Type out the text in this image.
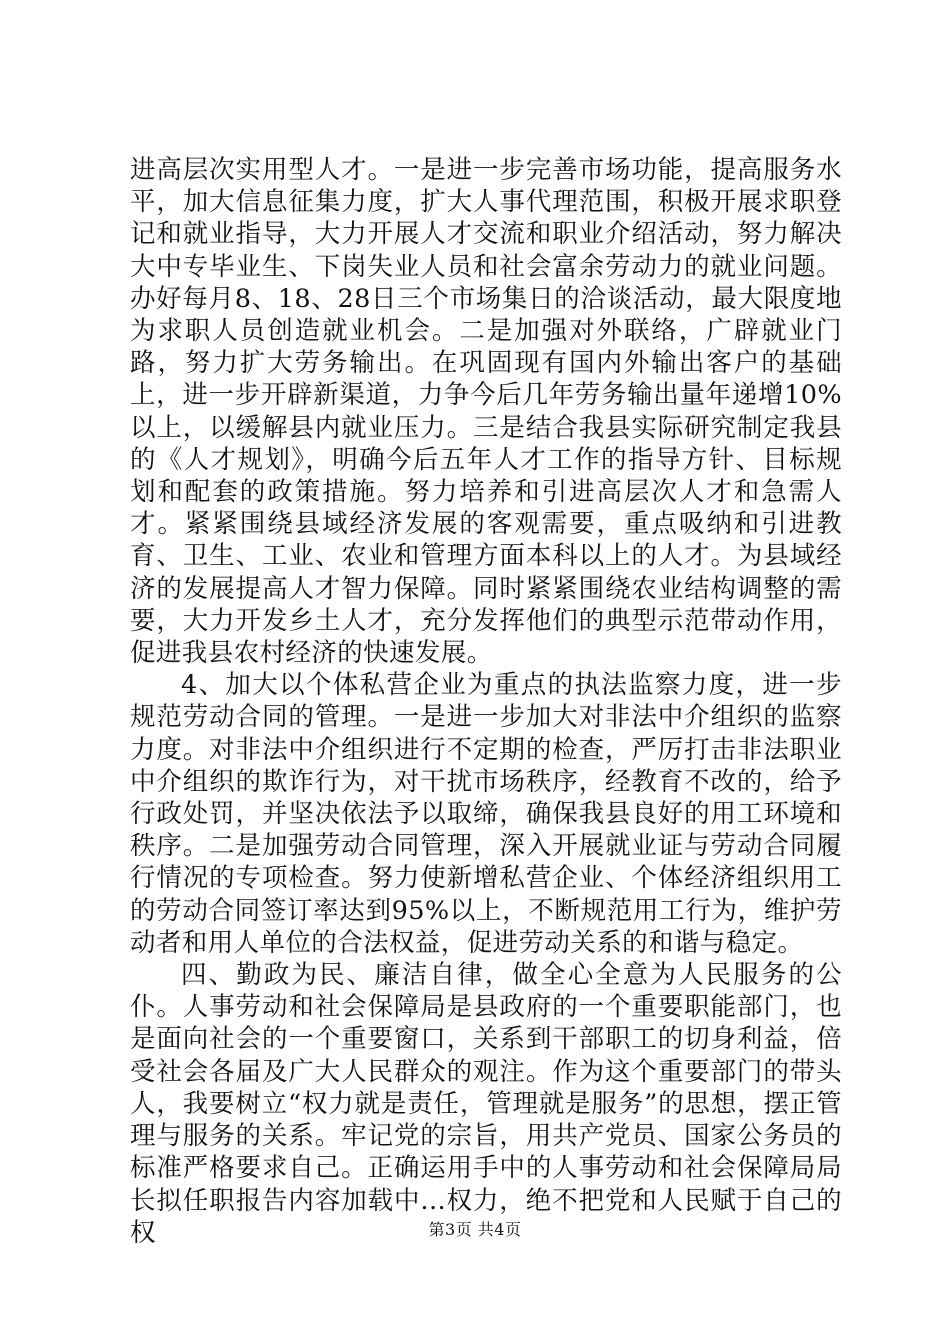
进高层次实用型人才。一是进一步完善市场功能，提高服务水平，加大信息征集力度，扩大人事代理范围，积极开展求职登记和就业指导，大力开展人才交流和职业介绍活动，努力解决大中专毕业生、下岗失业人员和社会富余劳动力的就业问题。办好每月8、18、28日三个市场集日的洽谈活动，最大限度地为求职人员创造就业机会。二是加强对外联络，广辟就业门路，努力扩大劳务输出。在巩固现有国内外输出客户的基础上，进一步开辟新渠道，力争今后几年劳务输出量年递增10%以上，以缓解县内就业压力。三是结合我县实际研究制定我县的《人才规划》，明确今后五年人才工作的指导方针、目标规划和配套的政策措施。努力培养和引进高层次人才和急需人才。紧紧围绕县域经济发展的客观需要，重点吸纳和引进教育、卫生、工业、农业和管理方面本科以上的人才。为县域经济的发展提高人才智力保障。同时紧紧围绕农业结构调整的需要，大力开发乡土人才，充分发挥他们的典型示范带动作用，促进我县农村经济的快速发展。

4、加大以个体私营企业为重点的执法监察力度，进一步规范劳动合同的管理。一是进一步加大对非法中介组织的监察力度。对非法中介组织进行不定期的检查，严厉打击非法职业中介组织的欺诈行为，对干扰市场秩序，经教育不改的，给予行政处罚，并坚决依法予以取缔，确保我县良好的用工环境和秩序。二是加强劳动合同管理，深入开展就业证与劳动合同履行情况的专项检查。努力使新增私营企业、个体经济组织用工的劳动合同签订率达到95%以上，不断规范用工行为，维护劳动者和用人单位的合法权益，促进劳动关系的和谐与稳定。

四、勤政为民、廉洁自律，做全心全意为人民服务的公仆。人事劳动和社会保障局是县政府的一个重要职能部门，也是面向社会的一个重要窗口，关系到干部职工的切身利益，倍受社会各届及广大人民群众的观注。作为这个重要部门的带头人，我要树立“权力就是责任，管理就是服务”的思想，摆正管理与服务的关系。牢记党的宗旨，用共产党员、国家公务员的标准严格要求自己。正确运用手中的人事劳动和社会保障局局长拟任职报告内容加载中...权力，绝不把党和人民赋于自己的权	第3页 共4页
